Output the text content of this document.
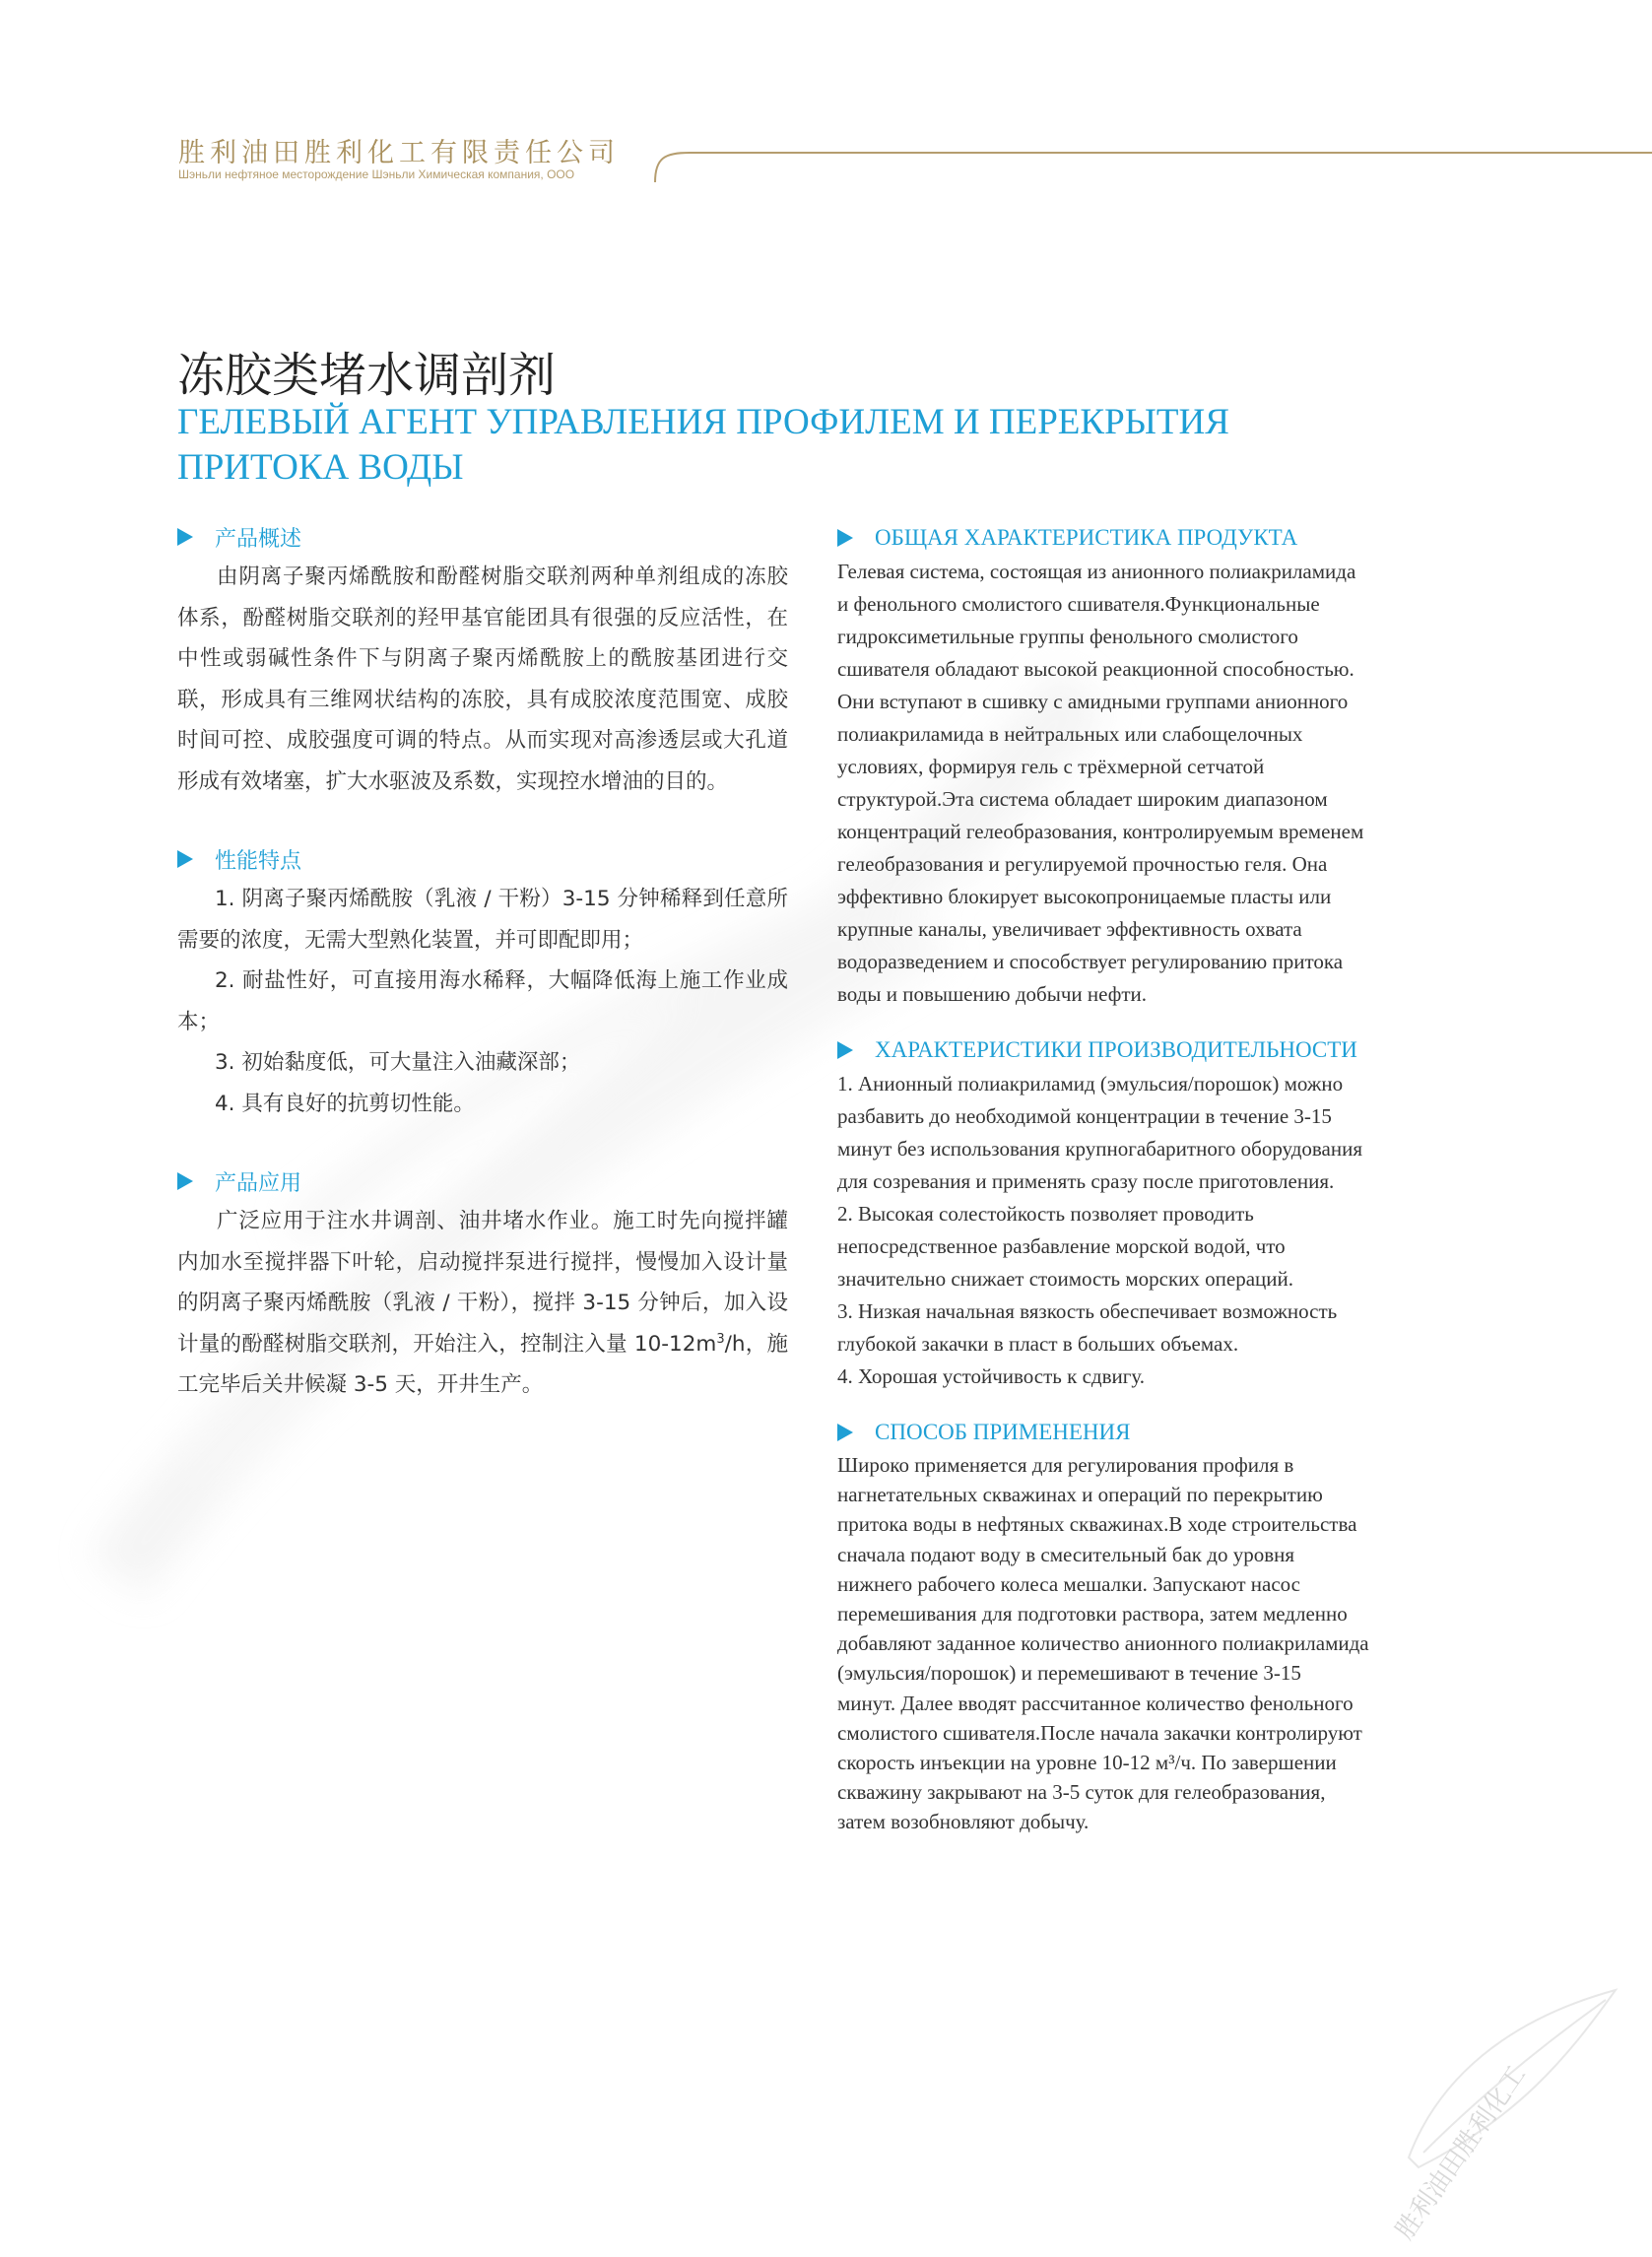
胜利油田胜利化工有限责任公司
Шэньли нефтяное месторождение Шэньли Химическая компания, ООО
冻胶类堵水调剖剂
ГЕЛЕВЫЙ АГЕНТ УПРАВЛЕНИЯ ПРОФИЛЕМ И ПЕРЕКРЫТИЯ
ПРИТОКА ВОДЫ
产品概述

由阴离子聚丙烯酰胺和酚醛树脂交联剂两种单剂组成的冻胶体系，酚醛树脂交联剂的羟甲基官能团具有很强的反应活性，在中性或弱碱性条件下与阴离子聚丙烯酰胺上的酰胺基团进行交联，形成具有三维网状结构的冻胶，具有成胶浓度范围宽、成胶时间可控、成胶强度可调的特点。从而实现对高渗透层或大孔道形成有效堵塞，扩大水驱波及系数，实现控水增油的目的。

性能特点

1. 阴离子聚丙烯酰胺（乳液 / 干粉）3-15 分钟稀释到任意所需要的浓度，无需大型熟化装置，并可即配即用；

2. 耐盐性好，可直接用海水稀释，大幅降低海上施工作业成本；

3. 初始黏度低，可大量注入油藏深部；

4. 具有良好的抗剪切性能。

产品应用

广泛应用于注水井调剖、油井堵水作业。施工时先向搅拌罐内加水至搅拌器下叶轮，启动搅拌泵进行搅拌，慢慢加入设计量的阴离子聚丙烯酰胺（乳液 / 干粉），搅拌 3-15 分钟后，加入设计量的酚醛树脂交联剂，开始注入，控制注入量 $10-12m^3/h$，施工完毕后关井候凝 3-5 天，开井生产。

ОБЩАЯ ХАРАКТЕРИСТИКА ПРОДУКТА
Гелевая система, состоящая из анионного полиакриламида
и фенольного смолистого сшивателя.Функциональные
гидроксиметильные группы фенольного смолистого
сшивателя обладают высокой реакционной способностью.
Они вступают в сшивку с амидными группами анионного
полиакриламида в нейтральных или слабощелочных
условиях, формируя гель с трёхмерной сетчатой
структурой.Эта система обладает широким диапазоном
концентраций гелеобразования, контролируемым временем
гелеобразования и регулируемой прочностью геля. Она
эффективно блокирует высокопроницаемые пласты или
крупные каналы, увеличивает эффективность охвата
водоразведением и способствует регулированию притока
воды и повышению добычи нефти.
ХАРАКТЕРИСТИКИ ПРОИЗВОДИТЕЛЬНОСТИ
1. Анионный полиакриламид (эмульсия/порошок) можно
разбавить до необходимой концентрации в течение 3-15
минут без использования крупногабаритного оборудования
для созревания и применять сразу после приготовления.
2. Высокая солестойкость позволяет проводить
непосредственное разбавление морской водой, что
значительно снижает стоимость морских операций.
3. Низкая начальная вязкость обеспечивает возможность
глубокой закачки в пласт в больших объемах.
4. Хорошая устойчивость к сдвигу.
СПОСОБ ПРИМЕНЕНИЯ
Широко применяется для регулирования профиля в
нагнетательных скважинах и операций по перекрытию
притока воды в нефтяных скважинах.В ходе строительства
сначала подают воду в смесительный бак до уровня
нижнего рабочего колеса мешалки. Запускают насос
перемешивания для подготовки раствора, затем медленно
добавляют заданное количество анионного полиакриламида
(эмульсия/порошок) и перемешивают в течение 3-15
минут. Далее вводят рассчитанное количество фенольного
смолистого сшивателя.После начала закачки контролируют
скорость инъекции на уровне 10-12 м³/ч. По завершении
скважину закрывают на 3-5 суток для гелеобразования,
затем возобновляют добычу.
胜利油田胜利化工
